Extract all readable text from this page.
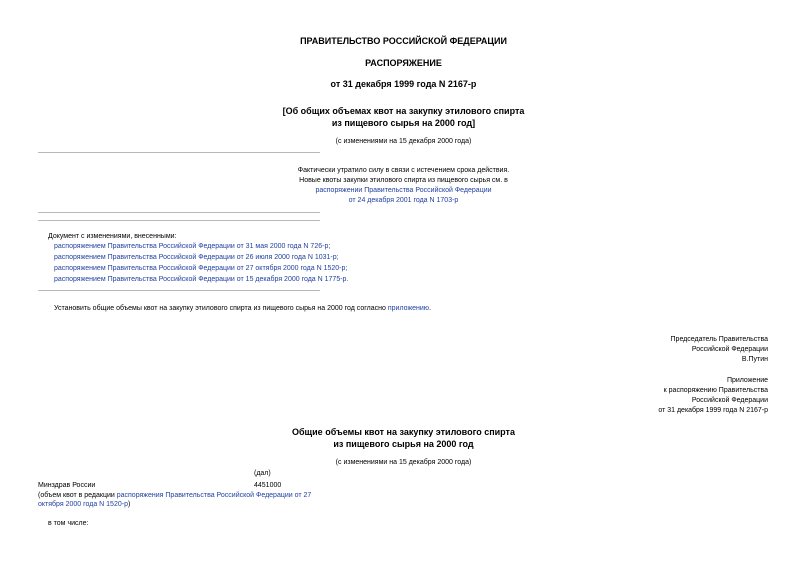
ПРАВИТЕЛЬСТВО РОССИЙСКОЙ ФЕДЕРАЦИИ
РАСПОРЯЖЕНИЕ
от 31 декабря 1999 года N 2167-р
[Об общих объемах квот на закупку этилового спирта
из пищевого сырья на 2000 год]
(с изменениями на 15 декабря 2000 года)
Фактически утратило силу в связи с истечением срока действия.
Новые квоты закупки этилового спирта из пищевого сырья см. в
распоряжении Правительства Российской Федерации
от 24 декабря 2001 года N 1703-р
Документ с изменениями, внесенными:
распоряжением Правительства Российской Федерации от 31 мая 2000 года N 726-р;
распоряжением Правительства Российской Федерации от 26 июля 2000 года N 1031-р;
распоряжением Правительства Российской Федерации от 27 октября 2000 года N 1520-р;
распоряжением Правительства Российской Федерации от 15 декабря 2000 года N 1775-р.
Установить общие объемы квот на закупку этилового спирта из пищевого сырья на 2000 год согласно приложению.
Председатель Правительства
Российской Федерации
В.Путин
Приложение
к распоряжению Правительства
Российской Федерации
от 31 декабря 1999 года N 2167-р
Общие объемы квот на закупку этилового спирта
из пищевого сырья на 2000 год
(с изменениями на 15 декабря 2000 года)
(дал)
Минздрав России	4451000
(объем квот в редакции распоряжения Правительства Российской Федерации от 27
октября 2000 года N 1520-р)
в том числе:
